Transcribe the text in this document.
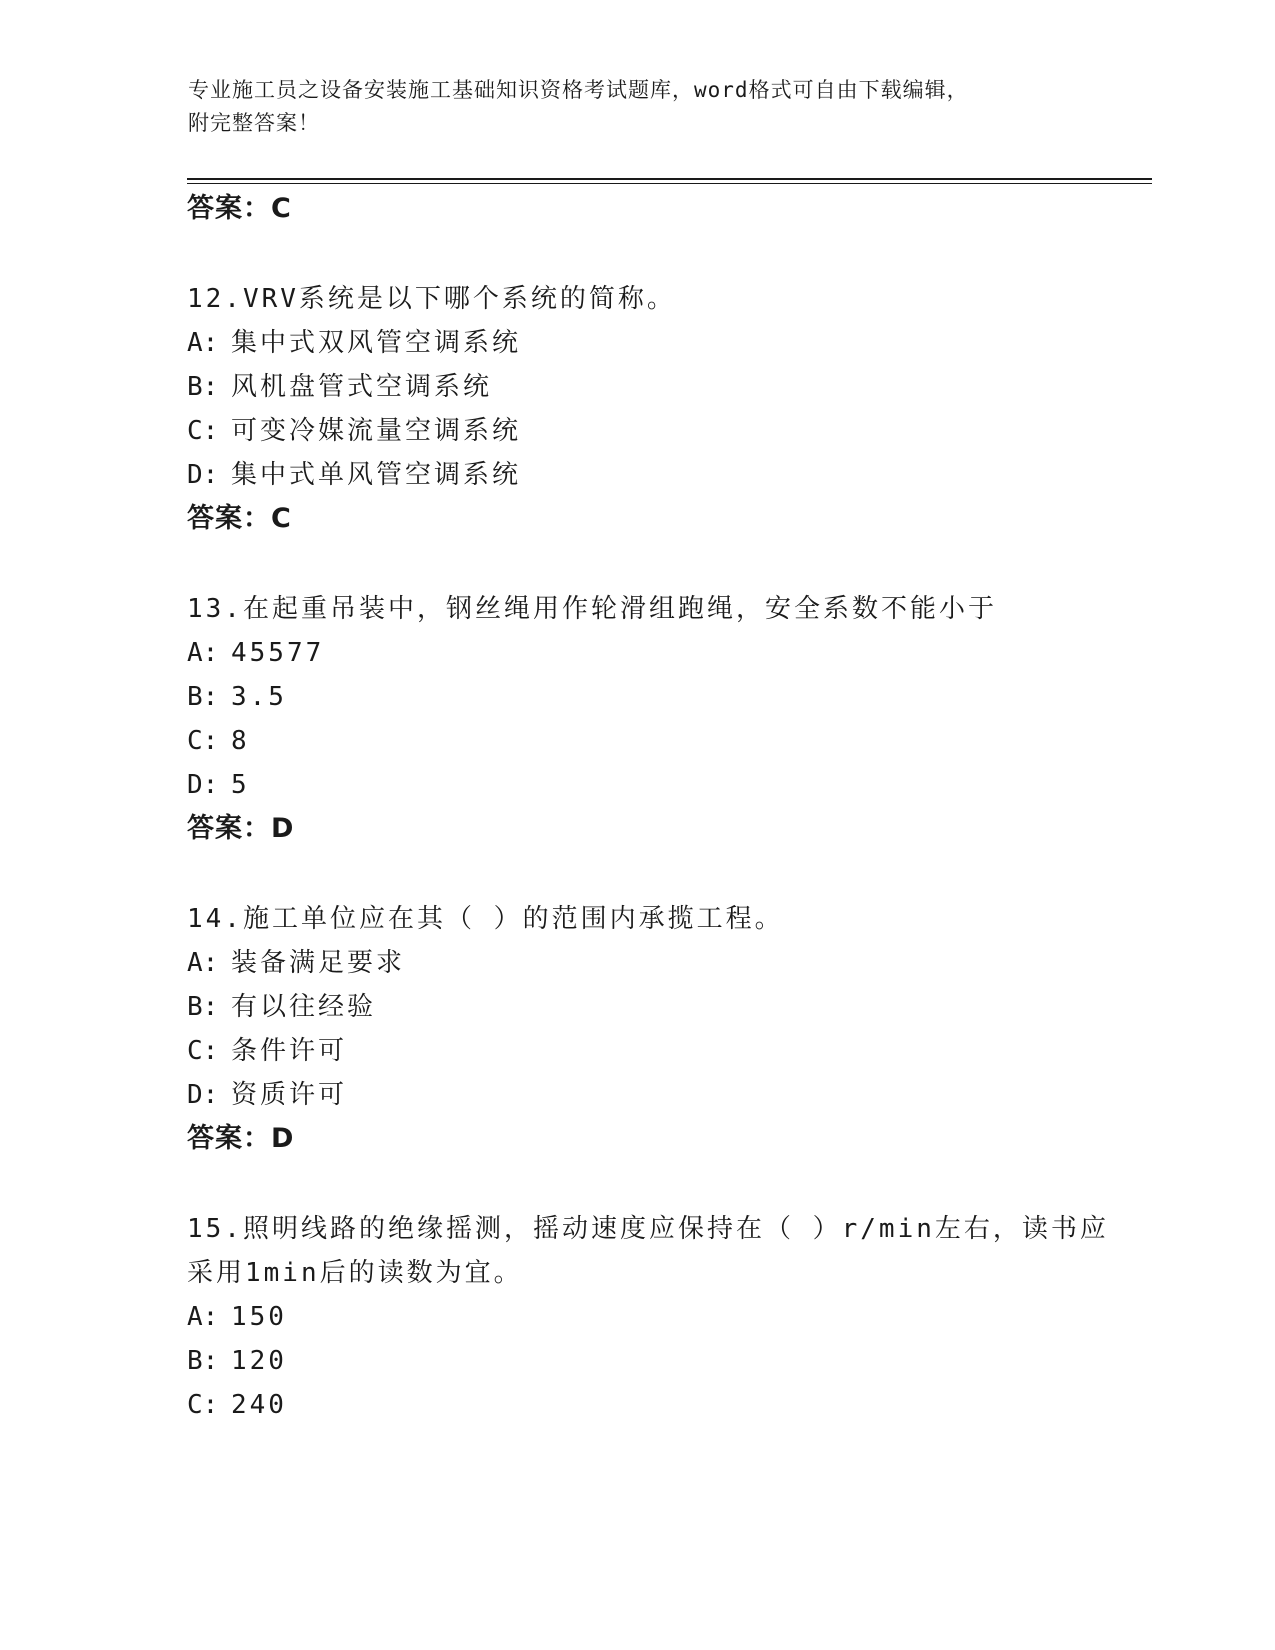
专业施工员之设备安装施工基础知识资格考试题库，word格式可自由下载编辑，
附完整答案！
答案：C
12.VRV系统是以下哪个系统的简称。
A: 集中式双风管空调系统
B: 风机盘管式空调系统
C: 可变冷媒流量空调系统
D: 集中式单风管空调系统
答案：C
13.在起重吊装中，钢丝绳用作轮滑组跑绳，安全系数不能小于
A: 45577
B: 3.5
C: 8
D: 5
答案：D
14.施工单位应在其（ ）的范围内承揽工程。
A: 装备满足要求
B: 有以往经验
C: 条件许可
D: 资质许可
答案：D
15.照明线路的绝缘摇测，摇动速度应保持在（ ）r/min左右，读书应
采用1min后的读数为宜。
A: 150
B: 120
C: 240
